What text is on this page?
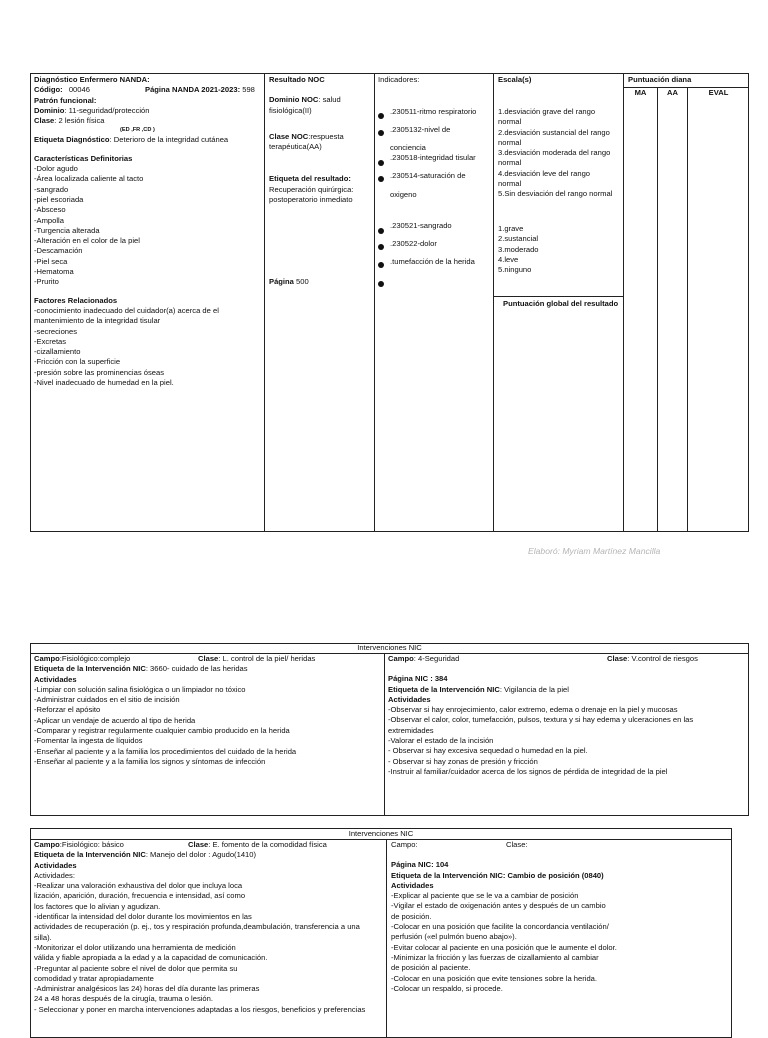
Diagnóstico Enfermero NANDA:
Código: 00046	Página NANDA 2021-2023: 598
Patrón funcional:
Dominio: 11-seguridad/protección
Clase: 2 lesión física
(ED ,FR ,CD )
Etiqueta Diagnóstico: Deterioro de la integridad cutánea
Características Definitorias
-Dolor agudo
-Área localizada caliente al tacto
-sangrado
-piel escoriada
-Absceso
-Ampolla
-Turgencia alterada
-Alteración en el color de la piel
-Descamación
-Piel seca
-Hematoma
-Prurito
Factores Relacionados
-conocimiento inadecuado del cuidador(a) acerca de el
mantenimiento de la integridad tisular
-secreciones
-Excretas
-cizallamiento
-Fricción con la superficie
-presión sobre las prominencias óseas
-Nivel inadecuado de humedad en la piel.
Resultado NOC
Dominio NOC: salud fisiológica(II)
Clase NOC:respuesta terapéutica(AA)
Etiqueta del resultado:
Recuperación quirúrgica: postoperatorio inmediato
Página 500
Indicadores:
.230511-ritmo respiratorio
.2305132-nivel de
conciencia
.230518-integridad tisular
.230514-saturación de
oxigeno
.230521-sangrado
.230522-dolor
.tumefacción de la herida
Escala(s)
1.desviación grave del rango
normal
2.desviación sustancial del rango
normal
3.desviación moderada del rango
normal
4.desviación leve del rango
normal
5.Sin desviación del rango normal
1.grave
2.sustancial
3.moderado
4.leve
5.ninguno
Puntuación global del resultado
Puntuación diana
MA	AA	EVAL
Elaboró: Myriam Martínez Mancilla
Intervenciones NIC
Campo:Fisiológico:complejo	Clase: L. control de la piel/ heridas
Etiqueta de la Intervención NIC: 3660- cuidado de las heridas
Actividades
-Limpiar con solución salina fisiológica o un limpiador no tóxico
-Administrar cuidados en el sitio de incisión
-Reforzar el apósito
-Aplicar un vendaje de acuerdo al tipo de herida
-Comparar y registrar regularmente cualquier cambio producido en la herida
-Fomentar la ingesta de líquidos
-Enseñar al paciente y a la familia los procedimientos del cuidado de la herida
-Enseñar al paciente y a la familia los signos y síntomas de infección
Campo: 4-Seguridad	Clase: V.control de riesgos
Página NIC : 384
Etiqueta de la Intervención NIC: Vigilancia de la piel
Actividades
-Observar si hay enrojecimiento, calor extremo, edema o drenaje en la piel y mucosas
-Observar el calor, color, tumefacción, pulsos, textura y si hay edema y ulceraciones en las
extremidades
-Valorar el estado de la incisión
- Observar si hay excesiva sequedad o humedad en la piel.
- Observar si hay zonas de presión y fricción
-Instruir al familiar/cuidador acerca de los signos de pérdida de integridad de la piel
Intervenciones NIC
Campo:Fisiológico: básico	Clase: E. fomento de la comodidad física
Etiqueta de la Intervención NIC: Manejo del dolor : Agudo(1410)
Actividades
Actividades:
-Realizar una valoración exhaustiva del dolor que incluya loca
lización, aparición, duración, frecuencia e intensidad, así como
los factores que lo alivian y agudizan.
-identificar la intensidad del dolor durante los movimientos en las
actividades de recuperación (p. ej., tos y respiración profunda,deambulación, transferencia a una
silla).
-Monitorizar el dolor utilizando una herramienta de medición
válida y fiable apropiada a la edad y a la capacidad de comunicación.
-Preguntar al paciente sobre el nivel de dolor que permita su
comodidad y tratar apropiadamente
-Administrar analgésicos las 24) horas del día durante las primeras
24 a 48 horas después de la cirugía, trauma o lesión.
- Seleccionar y poner en marcha intervenciones adaptadas a los riesgos, beneficios y preferencias
Campo:	Clase:
Página NIC: 104
Etiqueta de la Intervención NIC: Cambio de posición (0840)
Actividades
-Explicar al paciente que se le va a cambiar de posición
-Vigilar el estado de oxigenación antes y después de un cambio
de posición.
-Colocar en una posición que facilite la concordancia ventilación/
perfusión («el pulmón bueno abajo»).
-Evitar colocar al paciente en una posición que le aumente el dolor.
-Minimizar la fricción y las fuerzas de cizallamiento al cambiar
de posición al paciente.
-Colocar en una posición que evite tensiones sobre la herida.
-Colocar un respaldo, si procede.
